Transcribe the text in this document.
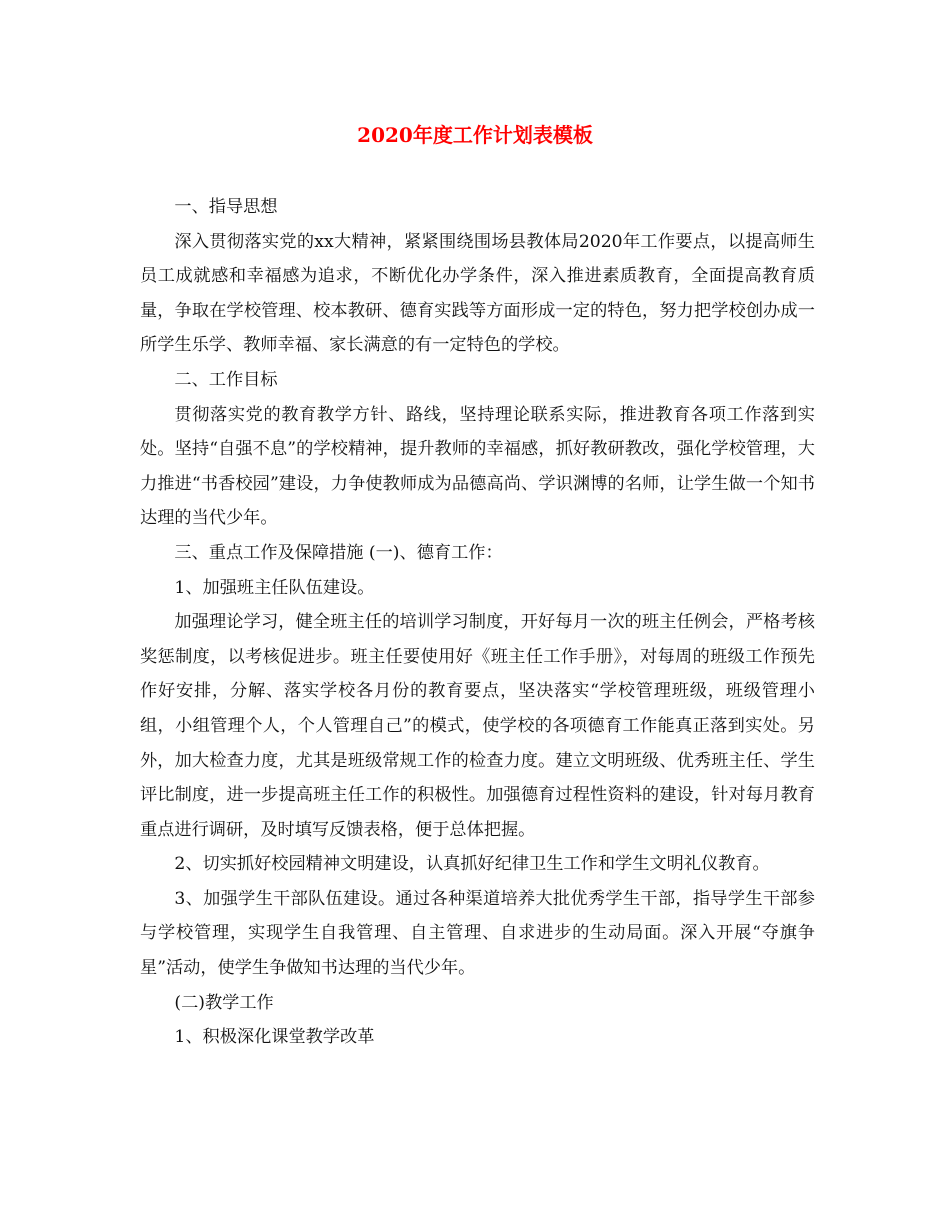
2020年度工作计划表模板

一、指导思想

深入贯彻落实党的xx大精神，紧紧围绕围场县教体局2020年工作要点，以提高师生员工成就感和幸福感为追求，不断优化办学条件，深入推进素质教育，全面提高教育质量，争取在学校管理、校本教研、德育实践等方面形成一定的特色，努力把学校创办成一所学生乐学、教师幸福、家长满意的有一定特色的学校。

二、工作目标

贯彻落实党的教育教学方针、路线，坚持理论联系实际，推进教育各项工作落到实处。坚持“自强不息”的学校精神，提升教师的幸福感，抓好教研教改，强化学校管理，大力推进“书香校园”建设，力争使教师成为品德高尚、学识渊博的名师，让学生做一个知书达理的当代少年。

三、重点工作及保障措施 (一)、德育工作：

1、加强班主任队伍建设。

加强理论学习，健全班主任的培训学习制度，开好每月一次的班主任例会，严格考核奖惩制度，以考核促进步。班主任要使用好《班主任工作手册》，对每周的班级工作预先作好安排，分解、落实学校各月份的教育要点，坚决落实“学校管理班级，班级管理小组，小组管理个人，个人管理自己”的模式，使学校的各项德育工作能真正落到实处。另外，加大检查力度，尤其是班级常规工作的检查力度。建立文明班级、优秀班主任、学生评比制度，进一步提高班主任工作的积极性。加强德育过程性资料的建设，针对每月教育重点进行调研，及时填写反馈表格，便于总体把握。

2、切实抓好校园精神文明建设，认真抓好纪律卫生工作和学生文明礼仪教育。

3、加强学生干部队伍建设。通过各种渠道培养大批优秀学生干部，指导学生干部参与学校管理，实现学生自我管理、自主管理、自求进步的生动局面。深入开展“夺旗争星”活动，使学生争做知书达理的当代少年。

(二)教学工作

1、积极深化课堂教学改革
